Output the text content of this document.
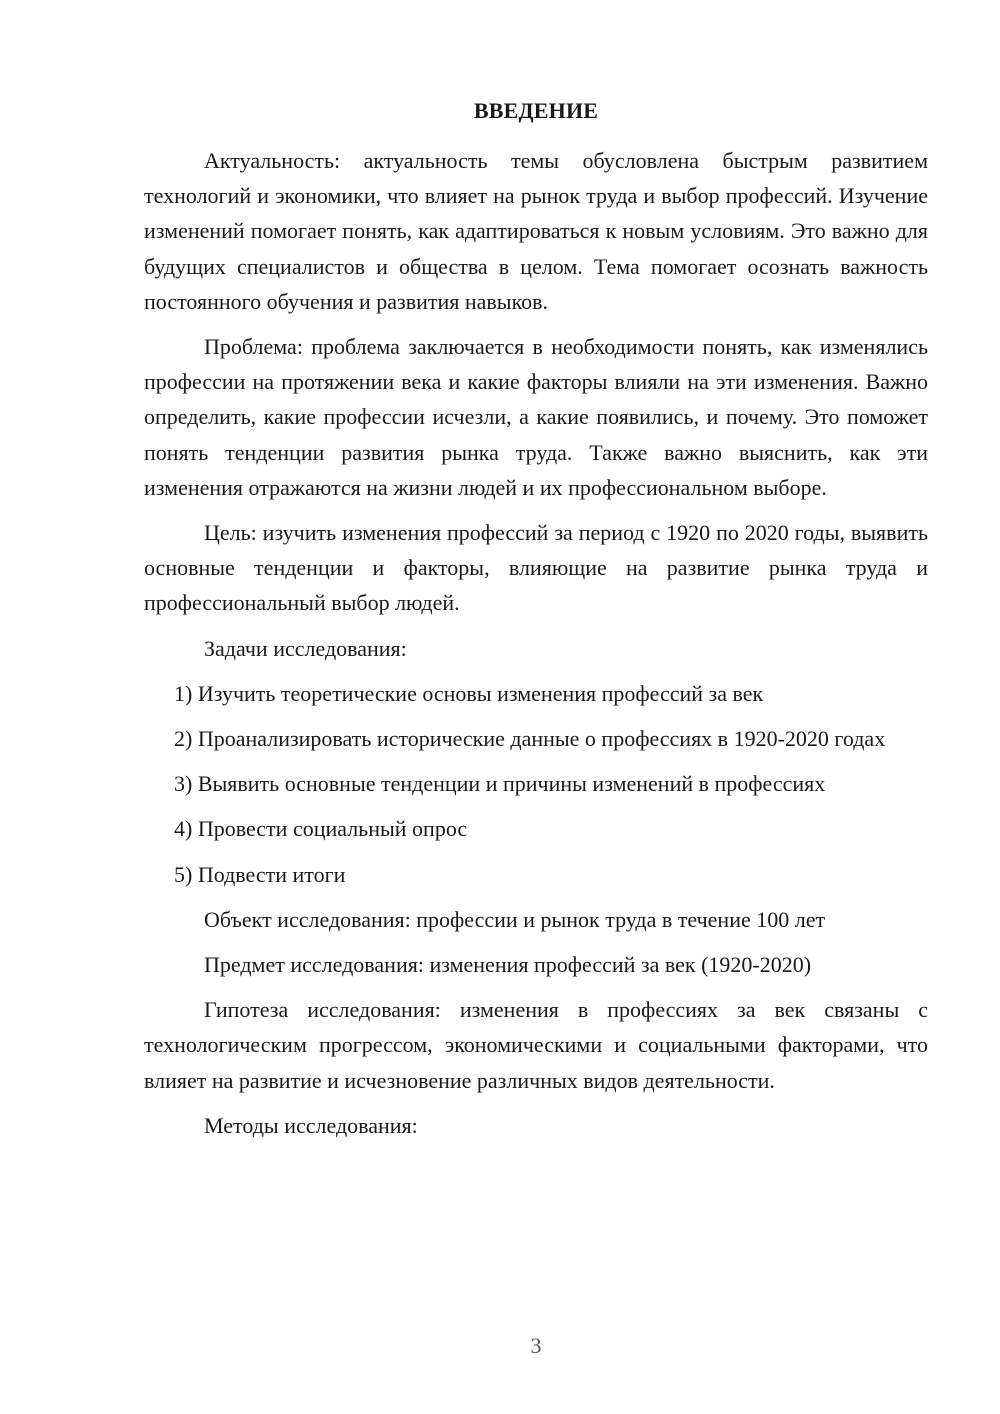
ВВЕДЕНИЕ

Актуальность: актуальность темы обусловлена быстрым развитием технологий и экономики, что влияет на рынок труда и выбор профессий. Изучение изменений помогает понять, как адаптироваться к новым условиям. Это важно для будущих специалистов и общества в целом. Тема помогает осознать важность постоянного обучения и развития навыков.

Проблема: проблема заключается в необходимости понять, как изменялись профессии на протяжении века и какие факторы влияли на эти изменения. Важно определить, какие профессии исчезли, а какие появились, и почему. Это поможет понять тенденции развития рынка труда. Также важно выяснить, как эти изменения отражаются на жизни людей и их профессиональном выборе.

Цель: изучить изменения профессий за период с 1920 по 2020 годы, выявить основные тенденции и факторы, влияющие на развитие рынка труда и профессиональный выбор людей.

Задачи исследования:

1) Изучить теоретические основы изменения профессий за век

2) Проанализировать исторические данные о профессиях в 1920-2020 годах

3) Выявить основные тенденции и причины изменений в профессиях

4) Провести социальный опрос

5) Подвести итоги

Объект исследования: профессии и рынок труда в течение 100 лет

Предмет исследования: изменения профессий за век (1920-2020)

Гипотеза исследования: изменения в профессиях за век связаны с технологическим прогрессом, экономическими и социальными факторами, что влияет на развитие и исчезновение различных видов деятельности.

Методы исследования:

3
